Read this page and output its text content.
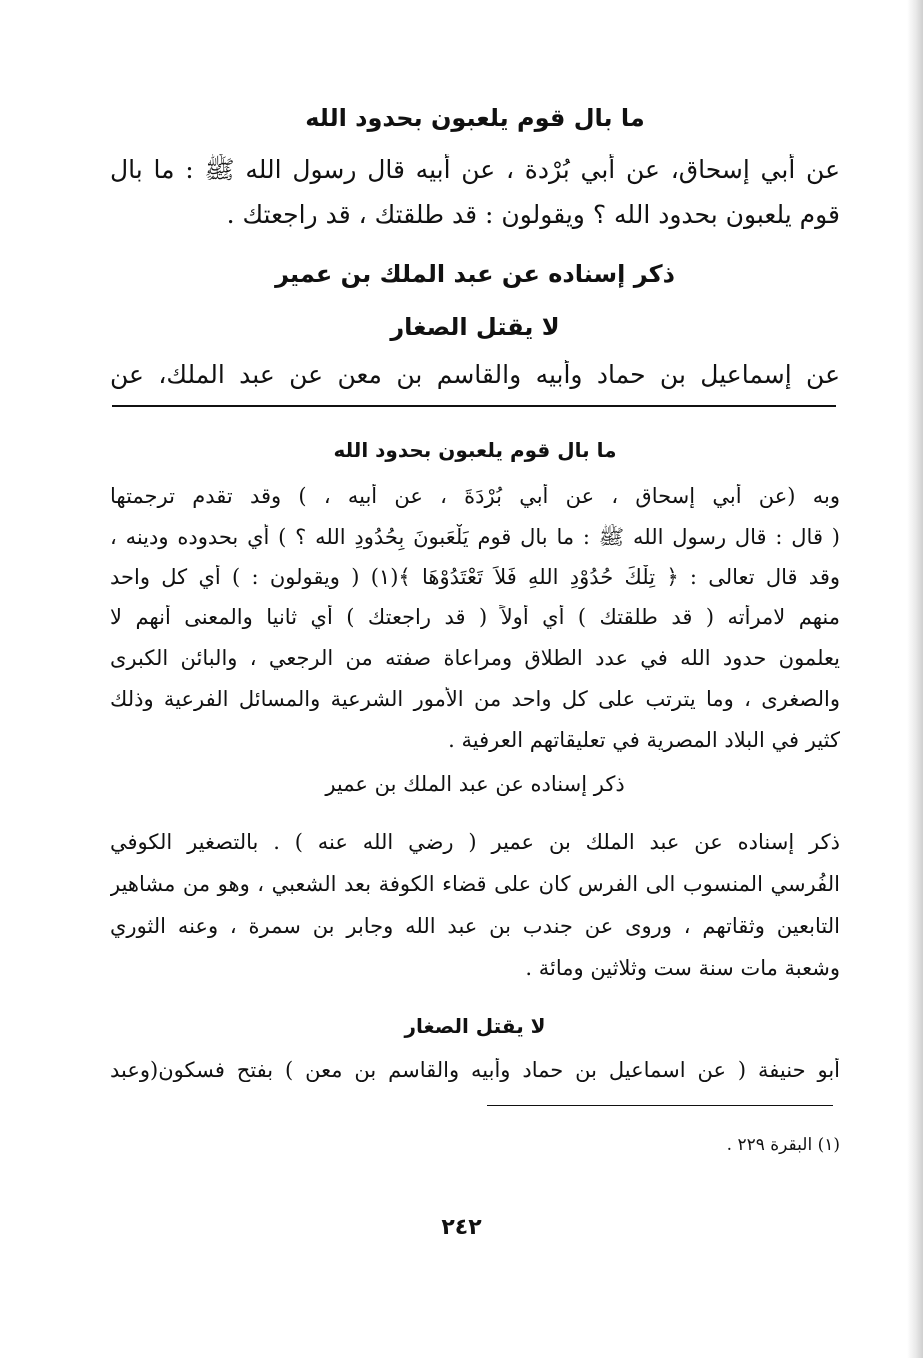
ما بال قوم يلعبون بحدود الله
عن أبي إسحاق، عن أبي بُرْدة ، عن أبيه قال رسول الله ﷺ : ما بال
قوم يلعبون بحدود الله ؟ ويقولون : قد طلقتك ، قد راجعتك .
ذكر إسناده عن عبد الملك بن عمير
لا يقتل الصغار
عن إسماعيل بن حماد وأبيه والقاسم بن معن عن عبد الملك، عن
ما بال قوم يلعبون بحدود الله
وبه (عن أبي إسحاق ، عن أبي بُرْدَةَ ، عن أبيه ، ) وقد تقدم ترجمتها
( قال : قال رسول الله ﷺ : ما بال قوم يَلْعَبونَ بِحُدُودِ الله ؟ ) أي بحدوده ودينه ،
وقد قال تعالى : ﴿ تِلْكَ حُدُوْدِ اللهِ فَلاَ تَعْتَدُوْهَا ﴾(١) ( ويقولون : ) أي كل واحد
منهم لامرأته ( قد طلقتك ) أي أولاً ( قد راجعتك ) أي ثانيا والمعنى أنهم لا
يعلمون حدود الله في عدد الطلاق ومراعاة صفته من الرجعي ، والبائن الكبرى
والصغرى ، وما يترتب على كل واحد من الأمور الشرعية والمسائل الفرعية وذلك
كثير في البلاد المصرية في تعليقاتهم العرفية .
ذكر إسناده عن عبد الملك بن عمير
ذكر إسناده عن عبد الملك بن عمير ( رضي الله عنه ) . بالتصغير الكوفي
الفُرسي المنسوب الى الفرس كان على قضاء الكوفة بعد الشعبي ، وهو من مشاهير
التابعين وثقاتهم ، وروى عن جندب بن عبد الله وجابر بن سمرة ، وعنه الثوري
وشعبة مات سنة ست وثلاثين ومائة .
لا يقتل الصغار
أبو حنيفة ( عن اسماعيل بن حماد وأبيه والقاسم بن معن ) بفتح فسكون(وعبد
(١) البقرة ٢٢٩ .
٢٤٢
